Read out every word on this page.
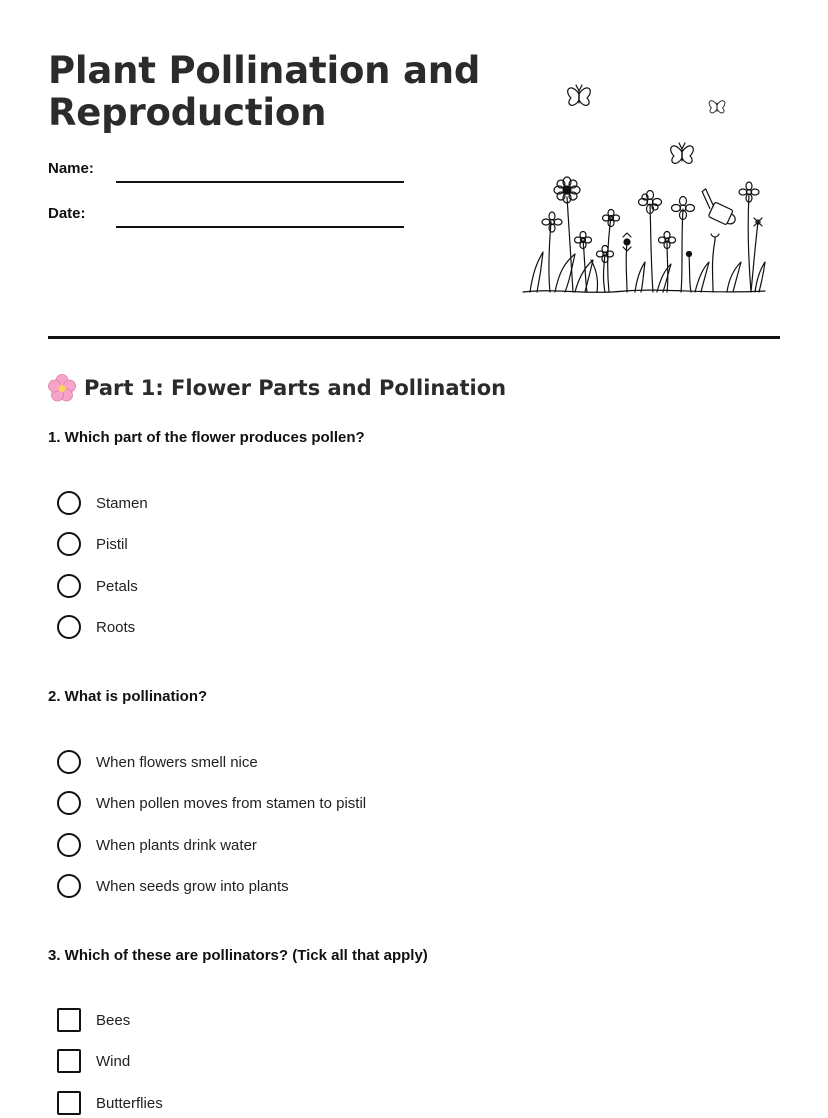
Plant Pollination and Reproduction
Name:
Date:
Part 1: Flower Parts and Pollination

1. Which part of the flower produces pollen?

Stamen
Pistil
Petals
Roots

2. What is pollination?

When flowers smell nice
When pollen moves from stamen to pistil
When plants drink water
When seeds grow into plants

3. Which of these are pollinators? (Tick all that apply)

Bees
Wind
Butterflies
